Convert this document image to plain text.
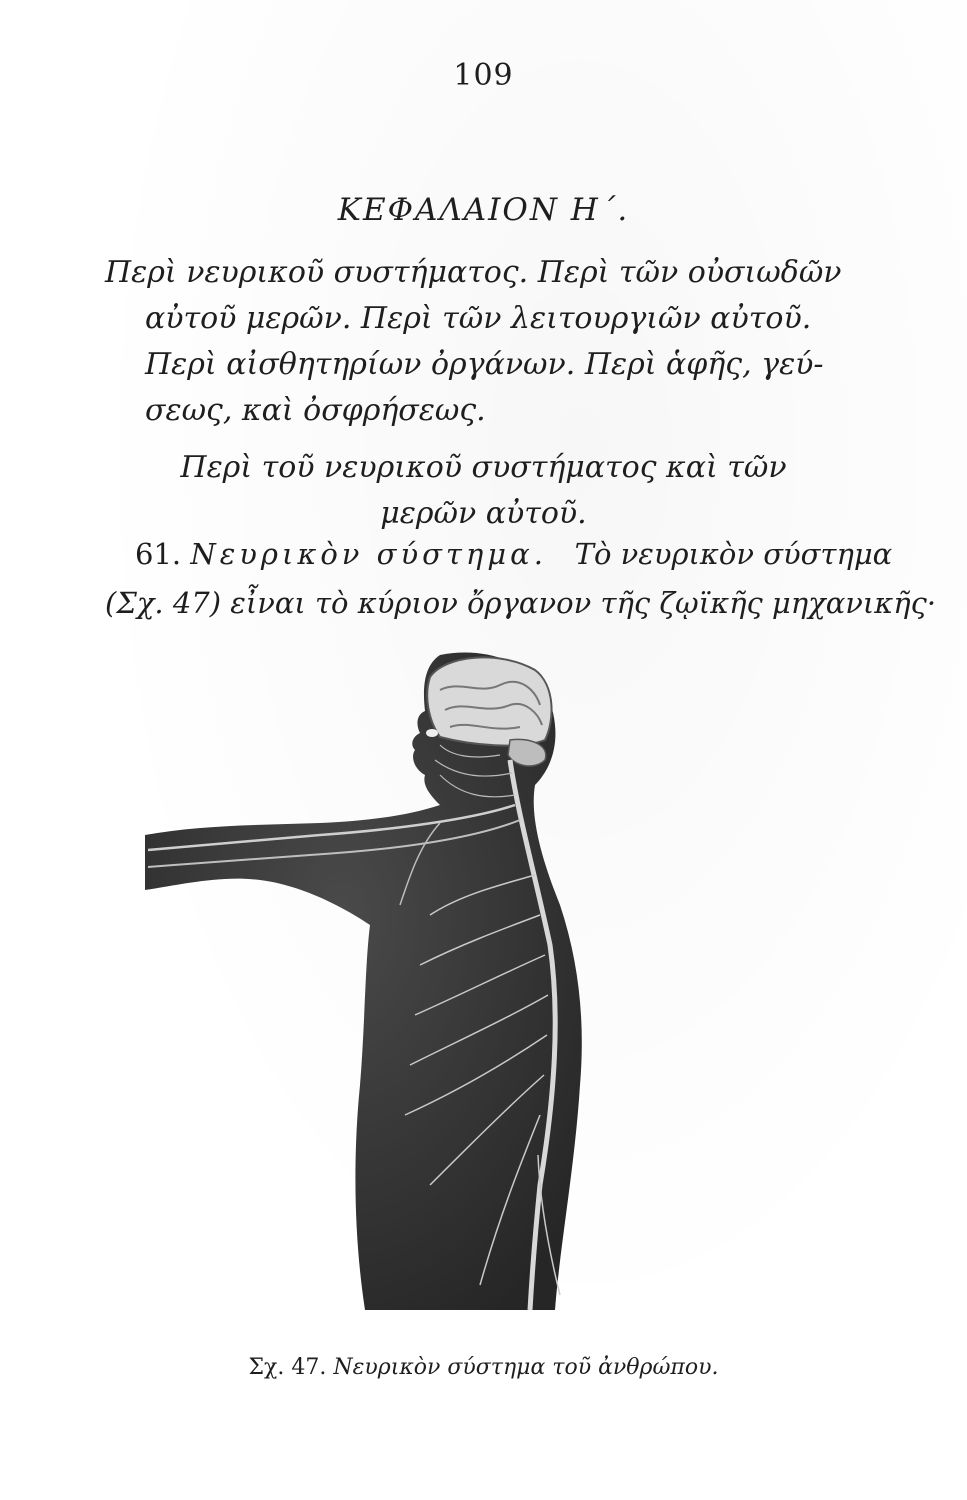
109
ΚΕΦΑΛΑΙΟΝ Η΄.
Περὶ νευρικοῦ συστήματος. Περὶ τῶν οὐσιωδῶν
αὐτοῦ μερῶν. Περὶ τῶν λειτουργιῶν αὐτοῦ.
Περὶ αἰσθητηρίων ὀργάνων. Περὶ ἁφῆς, γεύ-
σεως, καὶ ὀσφρήσεως.
Περὶ τοῦ νευρικοῦ συστήματος καὶ τῶν
μερῶν αὐτοῦ.
61. Νευρικὸν σύστημα. Τὸ νευρικὸν σύστημα
(Σχ. 47) εἶναι τὸ κύριον ὄργανον τῆς ζῳϊκῆς μηχανικῆς·
Σχ. 47. Νευρικὸν σύστημα τοῦ ἀνθρώπου.
